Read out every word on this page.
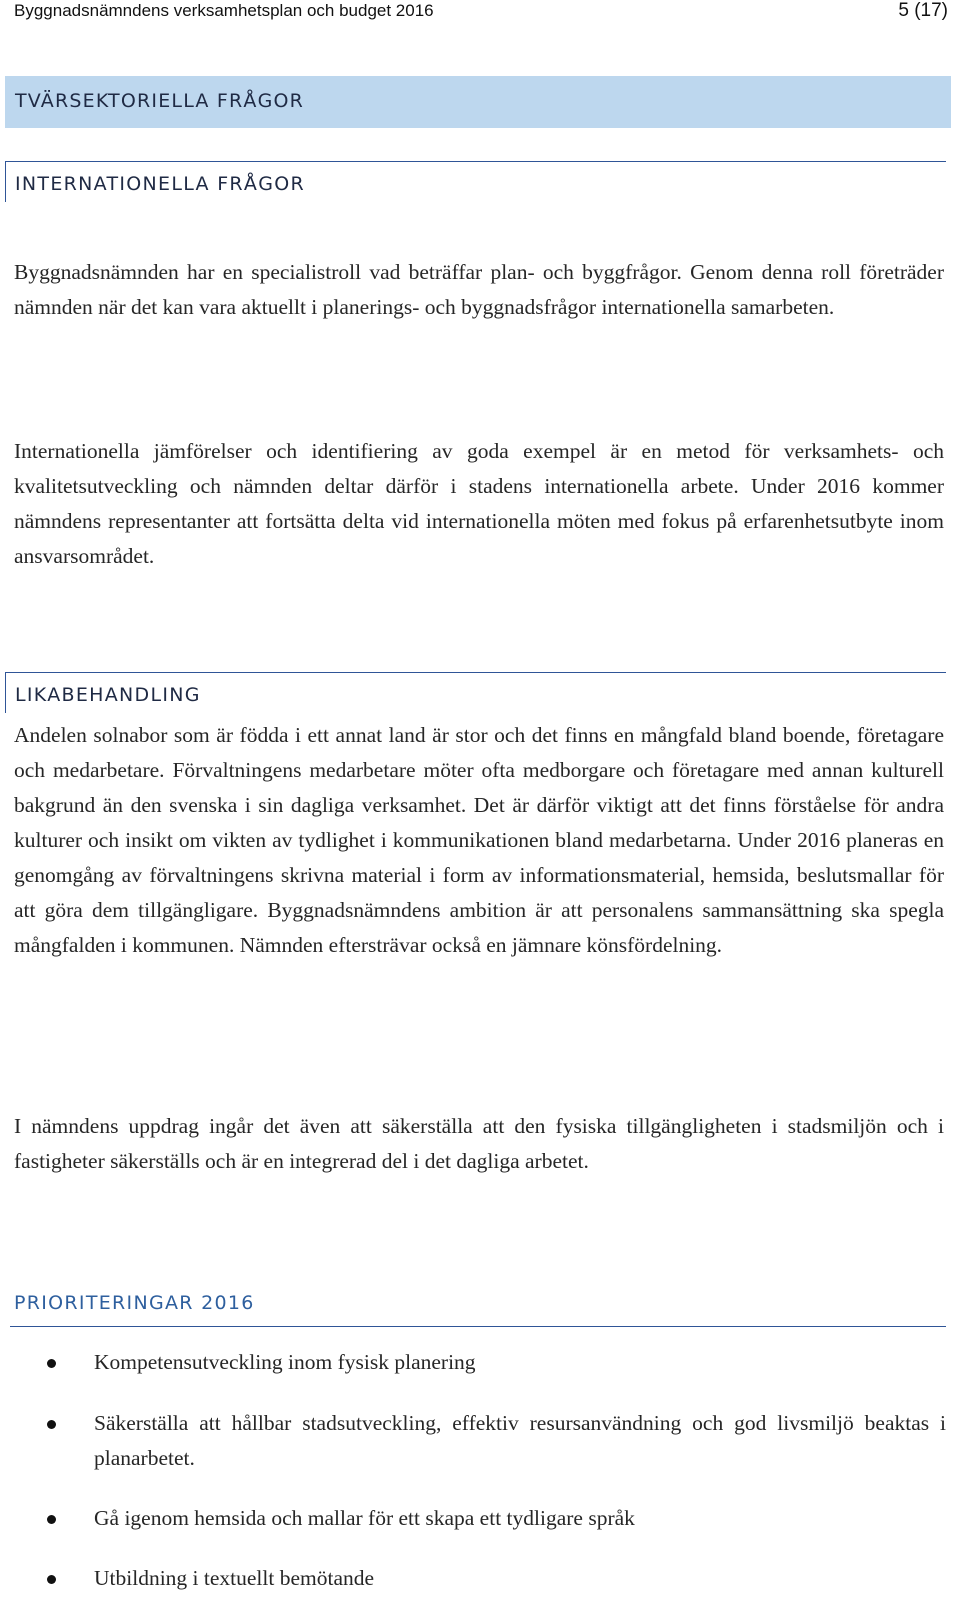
Byggnadsnämndens verksamhetsplan och budget 2016	5 (17)
TVÄRSEKTORIELLA FRÅGOR
INTERNATIONELLA FRÅGOR

Byggnadsnämnden har en specialistroll vad beträffar plan- och byggfrågor. Genom denna roll företräder nämnden när det kan vara aktuellt i planerings- och byggnadsfrågor internationella samarbeten.

Internationella jämförelser och identifiering av goda exempel är en metod för verksamhets- och kvalitetsutveckling och nämnden deltar därför i stadens internationella arbete. Under 2016 kommer nämndens representanter att fortsätta delta vid internationella möten med fokus på erfarenhetsutbyte inom ansvarsområdet.

LIKABEHANDLING

Andelen solnabor som är födda i ett annat land är stor och det finns en mångfald bland boende, företagare och medarbetare. Förvaltningens medarbetare möter ofta medborgare och företagare med annan kulturell bakgrund än den svenska i sin dagliga verksamhet. Det är därför viktigt att det finns förståelse för andra kulturer och insikt om vikten av tydlighet i kommunikationen bland medarbetarna. Under 2016 planeras en genomgång av förvaltningens skrivna material i form av informationsmaterial, hemsida, beslutsmallar för att göra dem tillgängligare. Byggnadsnämndens ambition är att personalens sammansättning ska spegla mångfalden i kommunen. Nämnden eftersträvar också en jämnare könsfördelning.

I nämndens uppdrag ingår det även att säkerställa att den fysiska tillgängligheten i stadsmiljön och i fastigheter säkerställs och är en integrerad del i det dagliga arbetet.

PRIORITERINGAR 2016
Kompetensutveckling inom fysisk planering
Säkerställa att hållbar stadsutveckling, effektiv resursanvändning och god livsmiljö beaktas i planarbetet.
Gå igenom hemsida och mallar för ett skapa ett tydligare språk
Utbildning i textuellt bemötande
